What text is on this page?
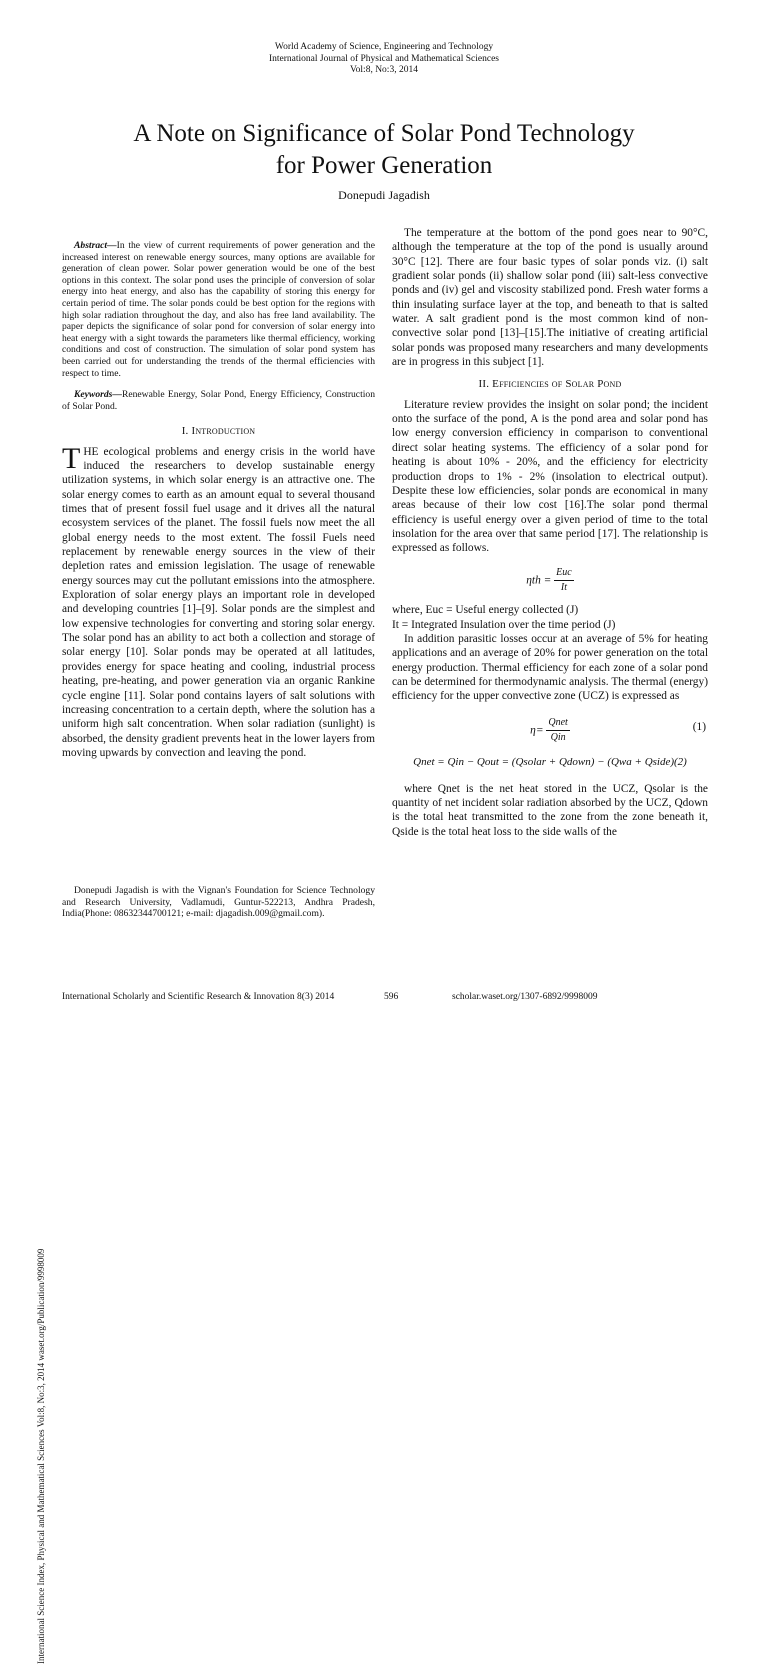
World Academy of Science, Engineering and Technology
International Journal of Physical and Mathematical Sciences
Vol:8, No:3, 2014
A Note on Significance of Solar Pond Technology
for Power Generation
Donepudi Jagadish
International Science Index, Physical and Mathematical Sciences Vol:8, No:3, 2014 waset.org/Publication/9998009

Abstract—In the view of current requirements of power generation and the increased interest on renewable energy sources, many options are available for generation of clean power. Solar power generation would be one of the best options in this context. The solar pond uses the principle of conversion of solar energy into heat energy, and also has the capability of storing this energy for certain period of time. The solar ponds could be best option for the regions with high solar radiation throughout the day, and also has free land availability. The paper depicts the significance of solar pond for conversion of solar energy into heat energy with a sight towards the parameters like thermal efficiency, working conditions and cost of construction. The simulation of solar pond system has been carried out for understanding the trends of the thermal efficiencies with respect to time.

Keywords—Renewable Energy, Solar Pond, Energy Efficiency, Construction of Solar Pond.

I. Introduction

THE ecological problems and energy crisis in the world have induced the researchers to develop sustainable energy utilization systems, in which solar energy is an attractive one. The solar energy comes to earth as an amount equal to several thousand times that of present fossil fuel usage and it drives all the natural ecosystem services of the planet. The fossil fuels now meet the all global energy needs to the most extent. The fossil Fuels need replacement by renewable energy sources in the view of their depletion rates and emission legislation. The usage of renewable energy sources may cut the pollutant emissions into the atmosphere. Exploration of solar energy plays an important role in developed and developing countries [1]–[9]. Solar ponds are the simplest and low expensive technologies for converting and storing solar energy. The solar pond has an ability to act both a collection and storage of solar energy [10]. Solar ponds may be operated at all latitudes, provides energy for space heating and cooling, industrial process heating, pre-heating, and power generation via an organic Rankine cycle engine [11]. Solar pond contains layers of salt solutions with increasing concentration to a certain depth, where the solution has a uniform high salt concentration. When solar radiation (sunlight) is absorbed, the density gradient prevents heat in the lower layers from moving upwards by convection and leaving the pond.

Donepudi Jagadish is with the Vignan's Foundation for Science Technology and Research University, Vadlamudi, Guntur-522213, Andhra Pradesh, India(Phone: 08632344700121; e-mail: djagadish.009@gmail.com).

The temperature at the bottom of the pond goes near to 90°C, although the temperature at the top of the pond is usually around 30°C [12]. There are four basic types of solar ponds viz. (i) salt gradient solar ponds (ii) shallow solar pond (iii) salt-less convective ponds and (iv) gel and viscosity stabilized pond. Fresh water forms a thin insulating surface layer at the top, and beneath to that is salted water. A salt gradient pond is the most common kind of non-convective solar pond [13]–[15].The initiative of creating artificial solar ponds was proposed many researchers and many developments are in progress in this subject [1].

II. Efficiencies of Solar Pond

Literature review provides the insight on solar pond; the incident onto the surface of the pond, A is the pond area and solar pond has low energy conversion efficiency in comparison to conventional direct solar heating systems. The efficiency of a solar pond for heating is about 10% - 20%, and the efficiency for electricity production drops to 1% - 2% (insolation to electrical output). Despite these low efficiencies, solar ponds are economical in many areas because of their low cost [16].The solar pond thermal efficiency is useful energy over a given period of time to the total insolation for the area over that same period [17]. The relationship is expressed as follows.

$\eta th = \frac{\text{Euc}}{It}$

where, Euc = Useful energy collected (J)

It = Integrated Insulation over the time period (J)

In addition parasitic losses occur at an average of 5% for heating applications and an average of 20% for power generation on the total energy production. Thermal efficiency for each zone of a solar pond can be determined for thermodynamic analysis. The thermal (energy) efficiency for the upper convective zone (UCZ) is expressed as

$\eta= \frac{\text{Qnet}}{\text{Qin}}$	(1)
Qnet = Qin − Qout = (Qsolar + Qdown) − (Qwa + Qside)(2)

where Qnet is the net heat stored in the UCZ, Qsolar is the quantity of net incident solar radiation absorbed by the UCZ, Qdown is the total heat transmitted to the zone from the zone beneath it, Qside is the total heat loss to the side walls of the

International Scholarly and Scientific Research & Innovation 8(3) 2014	596	scholar.waset.org/1307-6892/9998009
